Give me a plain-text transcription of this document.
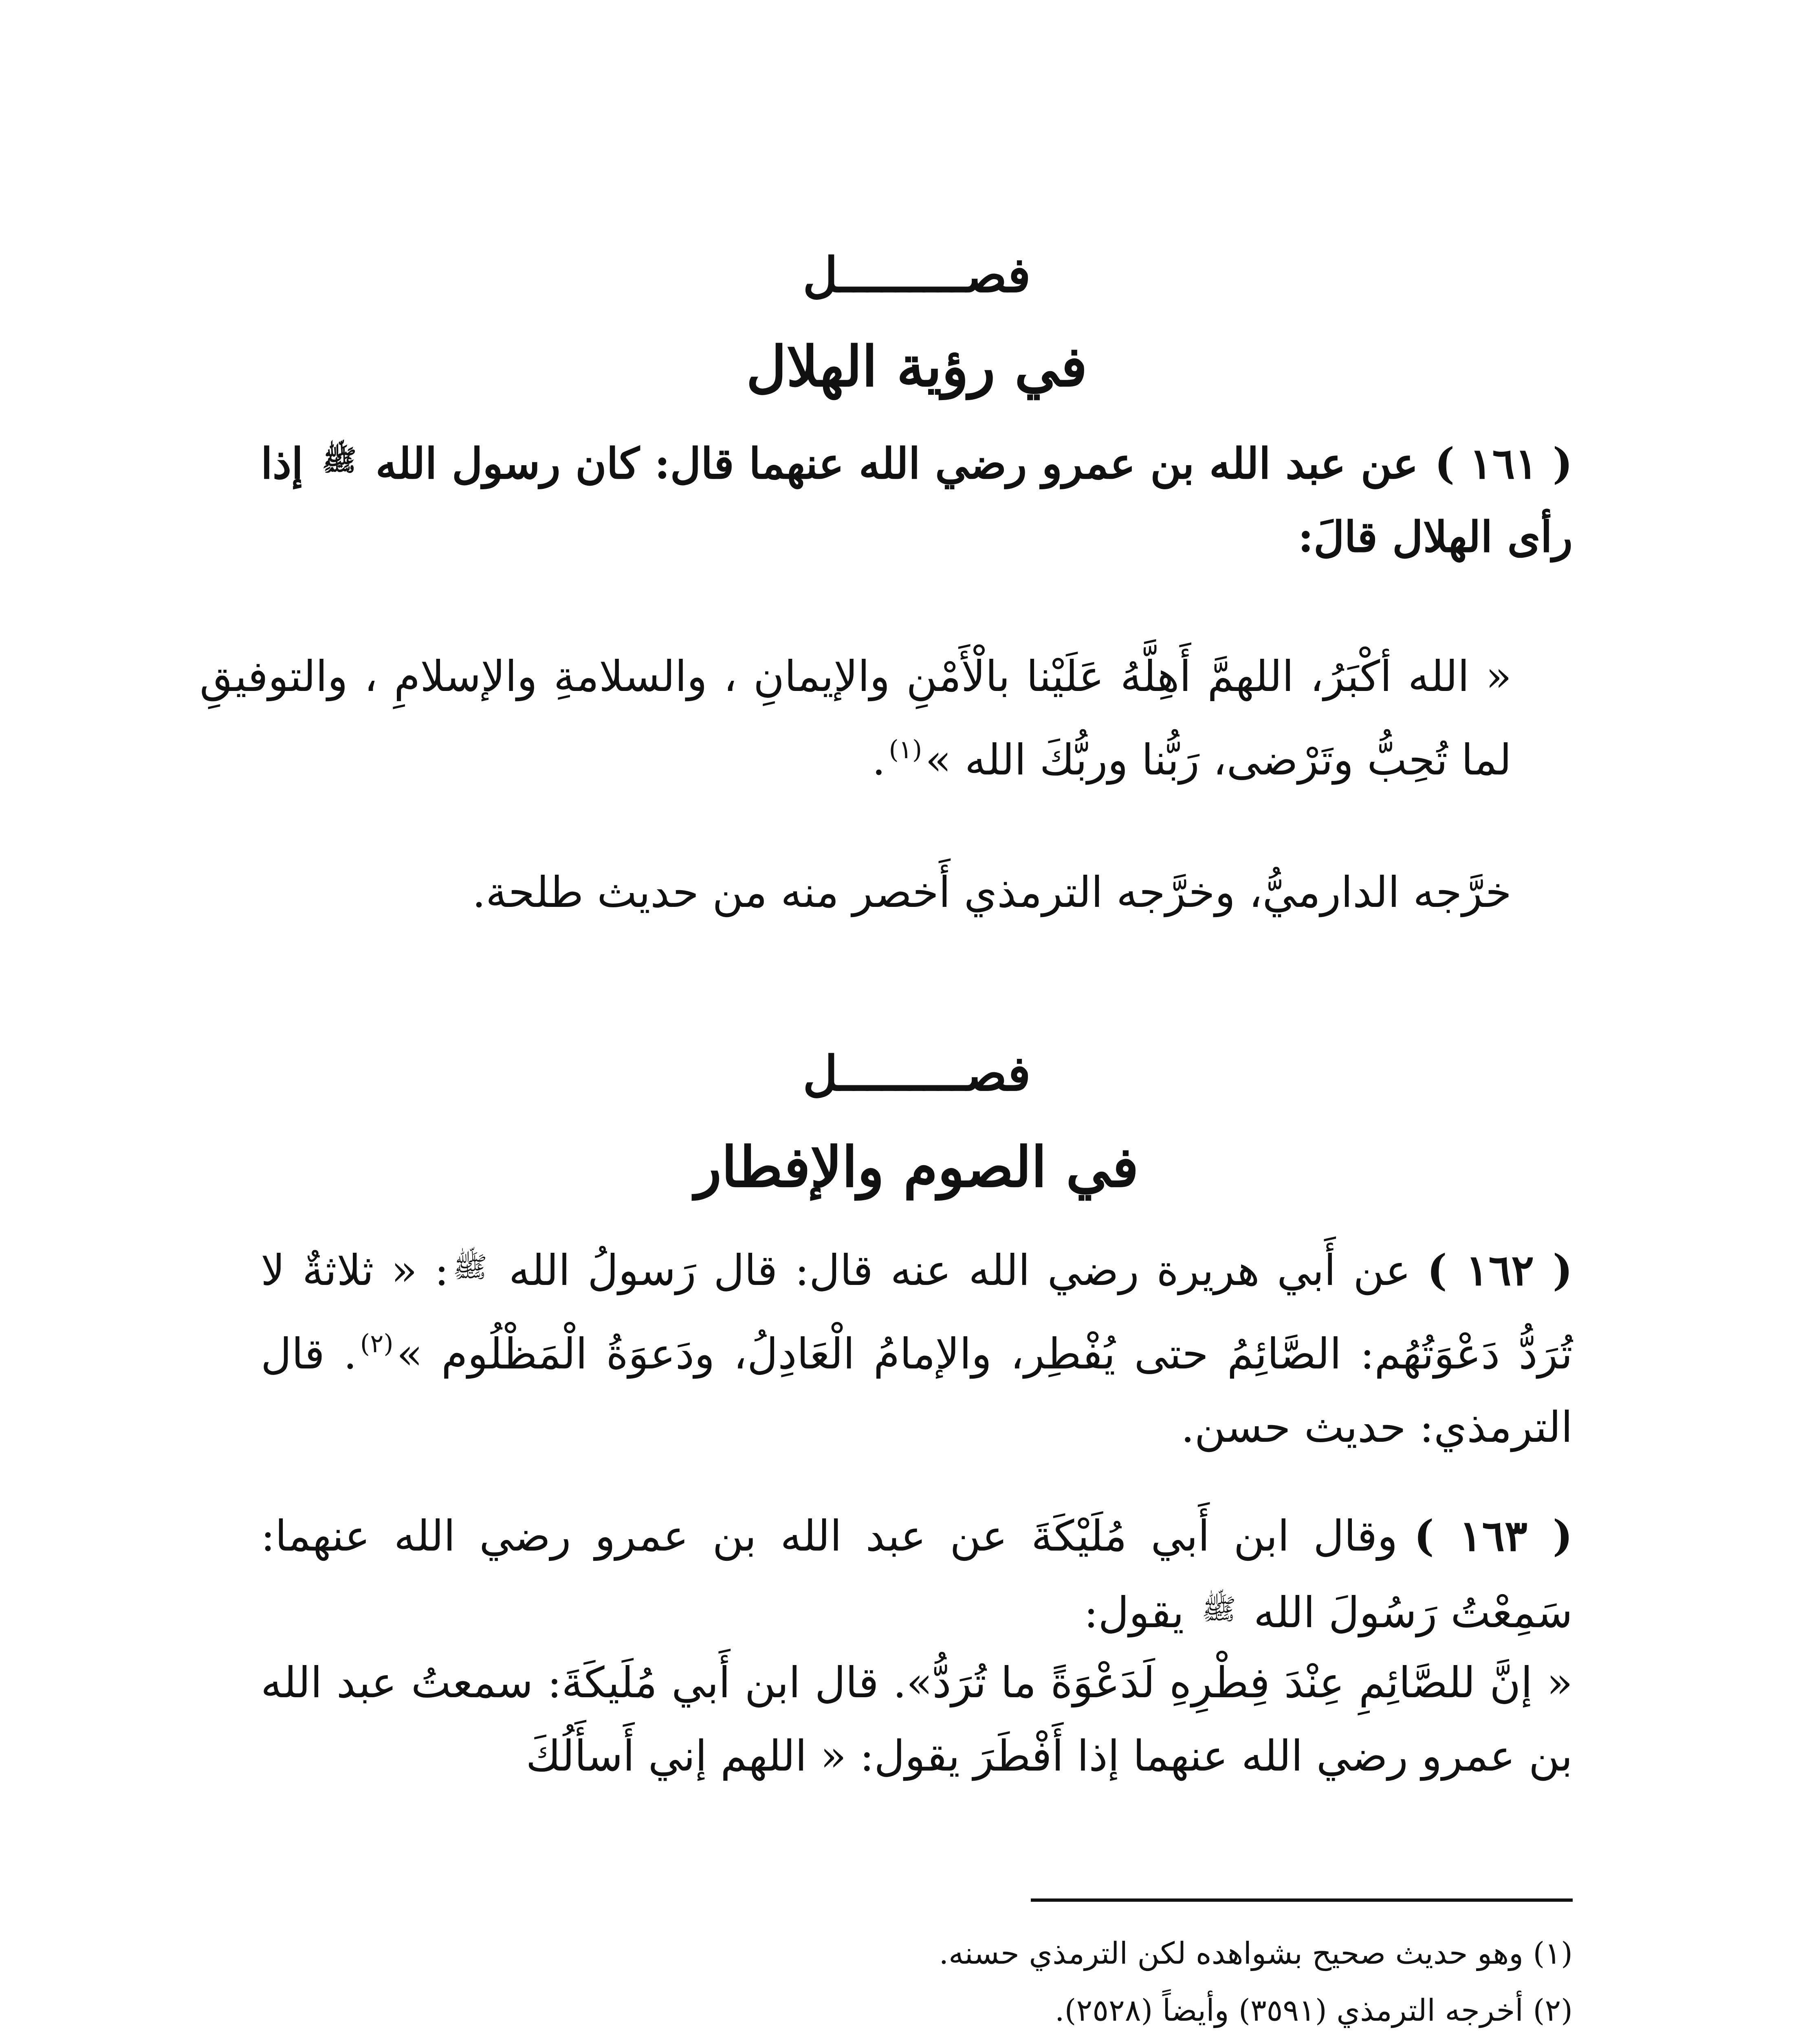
فصـــــــــل
في رؤية الهلال
( ١٦١ )عن عبد الله بن عمرو رضي الله عنهما قال: كان رسول الله ﷺ إذا رأى الهلال قالَ:
« الله أكْبَرُ، اللهمَّ أَهِلَّهُ عَلَيْنا بالْأَمْنِ والإيمانِ ، والسلامةِ والإسلامِ ، والتوفيقِ لما تُحِبُّ وتَرْضى، رَبُّنا وربُّكَ الله »$^{(١)}$.
خرَّجه الدارميُّ، وخرَّجه الترمذي أَخصر منه من حديث طلحة.
فصـــــــــل
في الصوم والإفطار
( ١٦٢ )عن أَبي هريرة رضي الله عنه قال: قال رَسولُ الله ﷺ: « ثلاثةٌ لا تُرَدُّ دَعْوَتُهُم: الصَّائِمُ حتى يُفْطِر، والإمامُ الْعَادِلُ، ودَعوَةُ الْمَظْلُوم »$^{(٢)}$. قال الترمذي: حديث حسن.
( ١٦٣ )وقال ابن أَبي مُلَيْكَةَ عن عبد الله بن عمرو رضي الله عنهما: سَمِعْتُ رَسُولَ الله ﷺ يقول:
« إنَّ للصَّائِمِ عِنْدَ فِطْرِهِ لَدَعْوَةً ما تُرَدُّ». قال ابن أَبي مُلَيكَةَ: سمعتُ عبد الله بن عمرو رضي الله عنهما إذا أَفْطَرَ يقول: « اللهم إني أَسأَلُكَ
(١) وهو حديث صحيح بشواهده لكن الترمذي حسنه.
(٢) أخرجه الترمذي (٣٥٩١) وأيضاً (٢٥٢٨).
